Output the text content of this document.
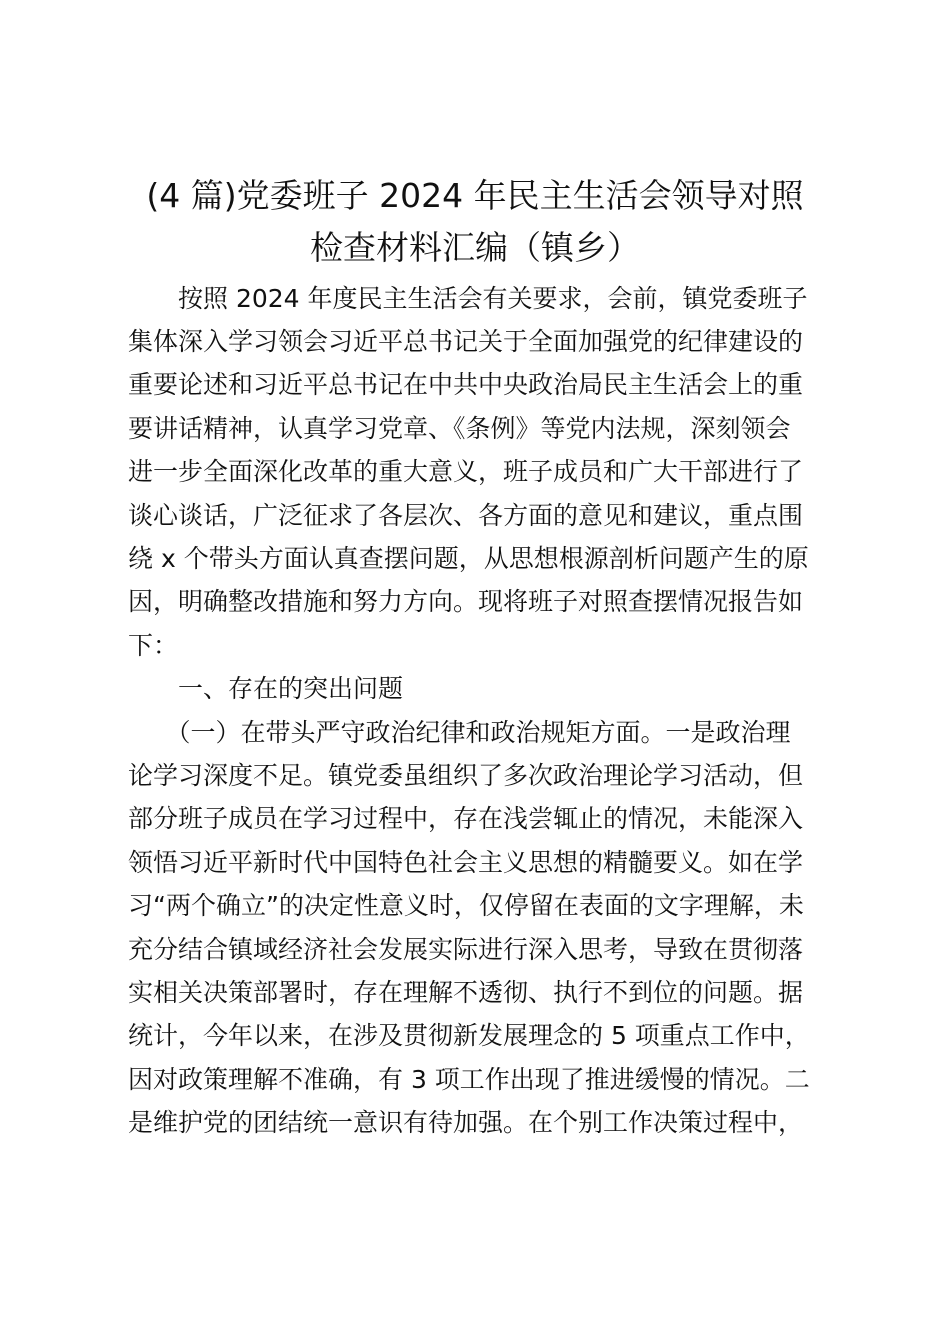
(4 篇)党委班子 2024 年民主生活会领导对照
检查材料汇编（镇乡）
　　按照 2024 年度民主生活会有关要求，会前，镇党委班子
集体深入学习领会习近平总书记关于全面加强党的纪律建设的
重要论述和习近平总书记在中共中央政治局民主生活会上的重
要讲话精神，认真学习党章、《条例》等党内法规，深刻领会
进一步全面深化改革的重大意义，班子成员和广大干部进行了
谈心谈话，广泛征求了各层次、各方面的意见和建议，重点围
绕 x 个带头方面认真查摆问题，从思想根源剖析问题产生的原
因，明确整改措施和努力方向。现将班子对照查摆情况报告如
下：
　　一、存在的突出问题
　　（一）在带头严守政治纪律和政治规矩方面。一是政治理
论学习深度不足。镇党委虽组织了多次政治理论学习活动，但
部分班子成员在学习过程中，存在浅尝辄止的情况，未能深入
领悟习近平新时代中国特色社会主义思想的精髓要义。如在学
习“两个确立”的决定性意义时，仅停留在表面的文字理解，未
充分结合镇域经济社会发展实际进行深入思考，导致在贯彻落
实相关决策部署时，存在理解不透彻、执行不到位的问题。据
统计，今年以来，在涉及贯彻新发展理念的 5 项重点工作中，
因对政策理解不准确，有 3 项工作出现了推进缓慢的情况。二
是维护党的团结统一意识有待加强。在个别工作决策过程中，
